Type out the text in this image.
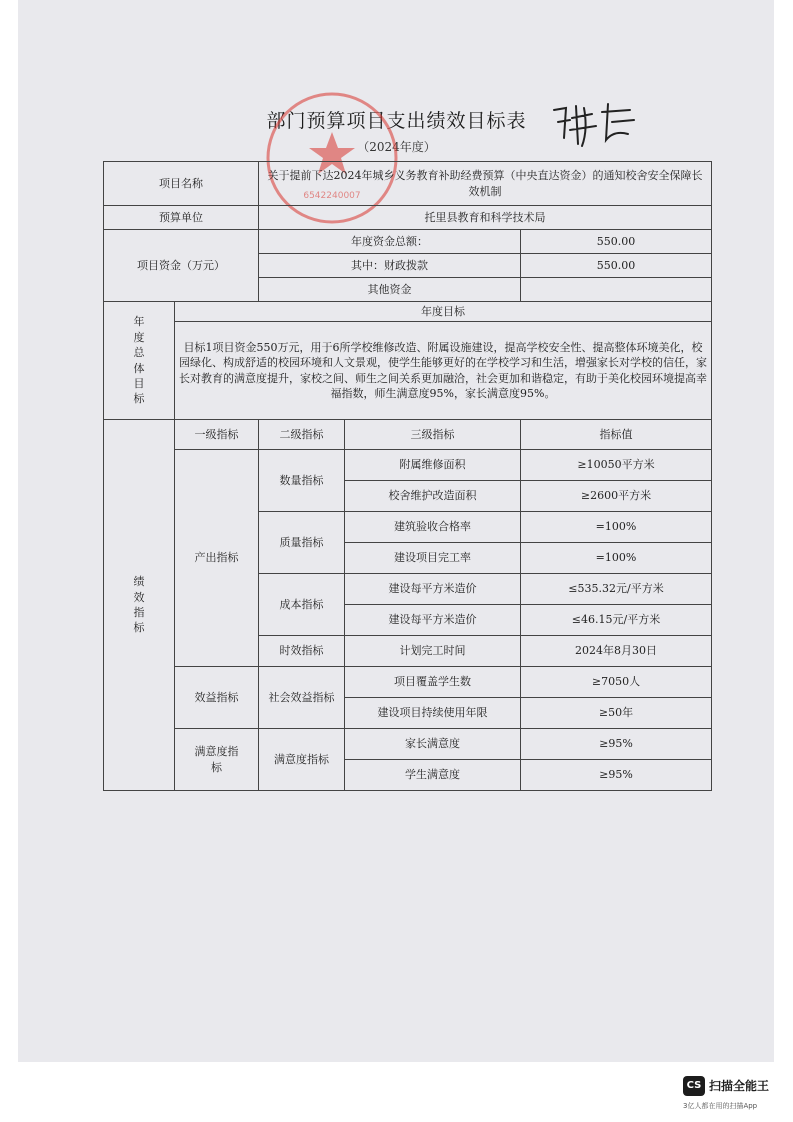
部门预算项目支出绩效目标表
（2024年度）
6542240007
项目名称		关于提前下达2024年城乡义务教育补助经费预算（中央直达资金）的通知校舍安全保障长效机制		
预算单位		托里县教育和科学技术局		
项目资金（万元）		年度资金总额：		550.00
		其中：财政拨款		550.00
		其他资金		

年度总体目标	年度目标			
	目标1项目资金550万元，用于6所学校维修改造、附属设施建设，提高学校安全性、提高整体环境美化，校园绿化、构成舒适的校园环境和人文景观，使学生能够更好的在学校学习和生活，增强家长对学校的信任，家长对教育的满意度提升，家校之间、师生之间关系更加融洽，社会更加和谐稳定，有助于美化校园环境提高幸福指数，师生满意度95%，家长满意度95%。			

绩效指标	一级指标	二级指标	三级指标	指标值
	产出指标	数量指标	附属维修面积	≥10050平方米
			校舍维护改造面积	≥2600平方米
		质量指标	建筑验收合格率	=100%
			建设项目完工率	=100%
		成本指标	建设每平方米造价	≤535.32元/平方米
			建设每平方米造价	≤46.15元/平方米
		时效指标	计划完工时间	2024年8月30日
	效益指标	社会效益指标	项目覆盖学生数	≥7050人
			建设项目持续使用年限	≥50年

	满意度指标	满意度指标	家长满意度	≥95%
			学生满意度	≥95%
CS 扫描全能王
3亿人都在用的扫描App
